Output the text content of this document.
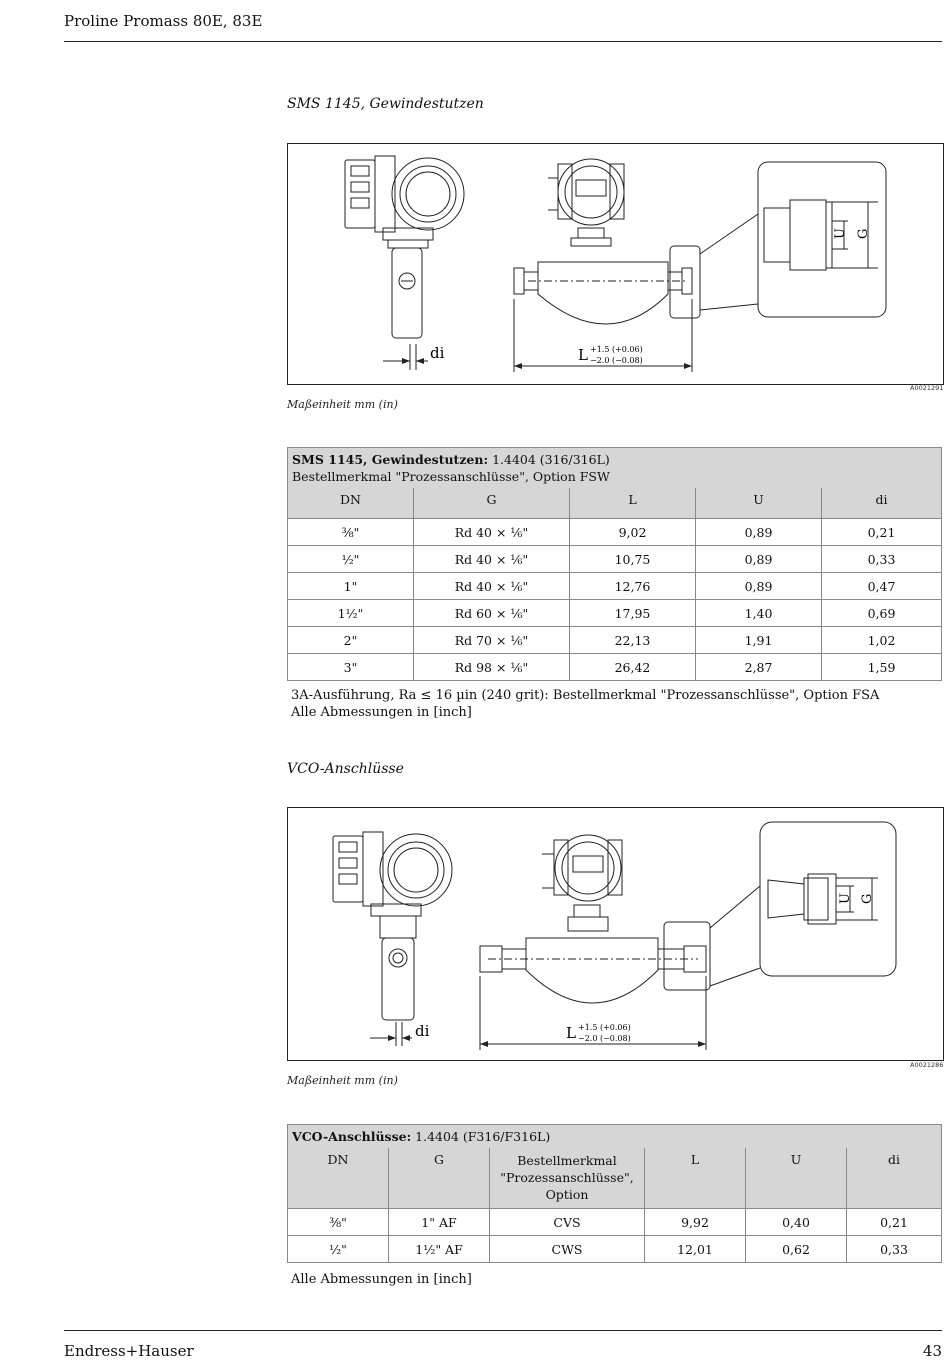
Proline Promass 80E, 83E
SMS 1145, Gewindestutzen
di	L +1.5 (+0.06)
−2.0 (−0.08)
U G
A0021291
Maßeinheit mm (in)
SMS 1145, Gewindestutzen: 1.4404 (316/316L)
Bestellmerkmal "Prozessanschlüsse", Option FSW				
DN	G	L	U	di
³⁄₈"	Rd 40 × ¹⁄₆"	9,02	0,89	0,21
½"	Rd 40 × ¹⁄₆"	10,75	0,89	0,33
1"	Rd 40 × ¹⁄₆"	12,76	0,89	0,47
1½"	Rd 60 × ¹⁄₆"	17,95	1,40	0,69
2"	Rd 70 × ¹⁄₆"	22,13	1,91	1,02
3"	Rd 98 × ¹⁄₆"	26,42	2,87	1,59
3A-Ausführung, Ra ≤ 16 µin (240 grit): Bestellmerkmal "Prozessanschlüsse", Option FSA
Alle Abmessungen in [inch]
VCO-Anschlüsse
di	L +1.5 (+0.06)
−2.0 (−0.08)
U G
A0021286
Maßeinheit mm (in)
VCO-Anschlüsse: 1.4404 (F316/F316L)					
DN	G	Bestellmerkmal "Prozessanschlüsse", Option	L	U	di
³⁄₈"	1" AF	CVS	9,92	0,40	0,21
½"	1½" AF	CWS	12,01	0,62	0,33
Alle Abmessungen in [inch]
Endress+Hauser	43
